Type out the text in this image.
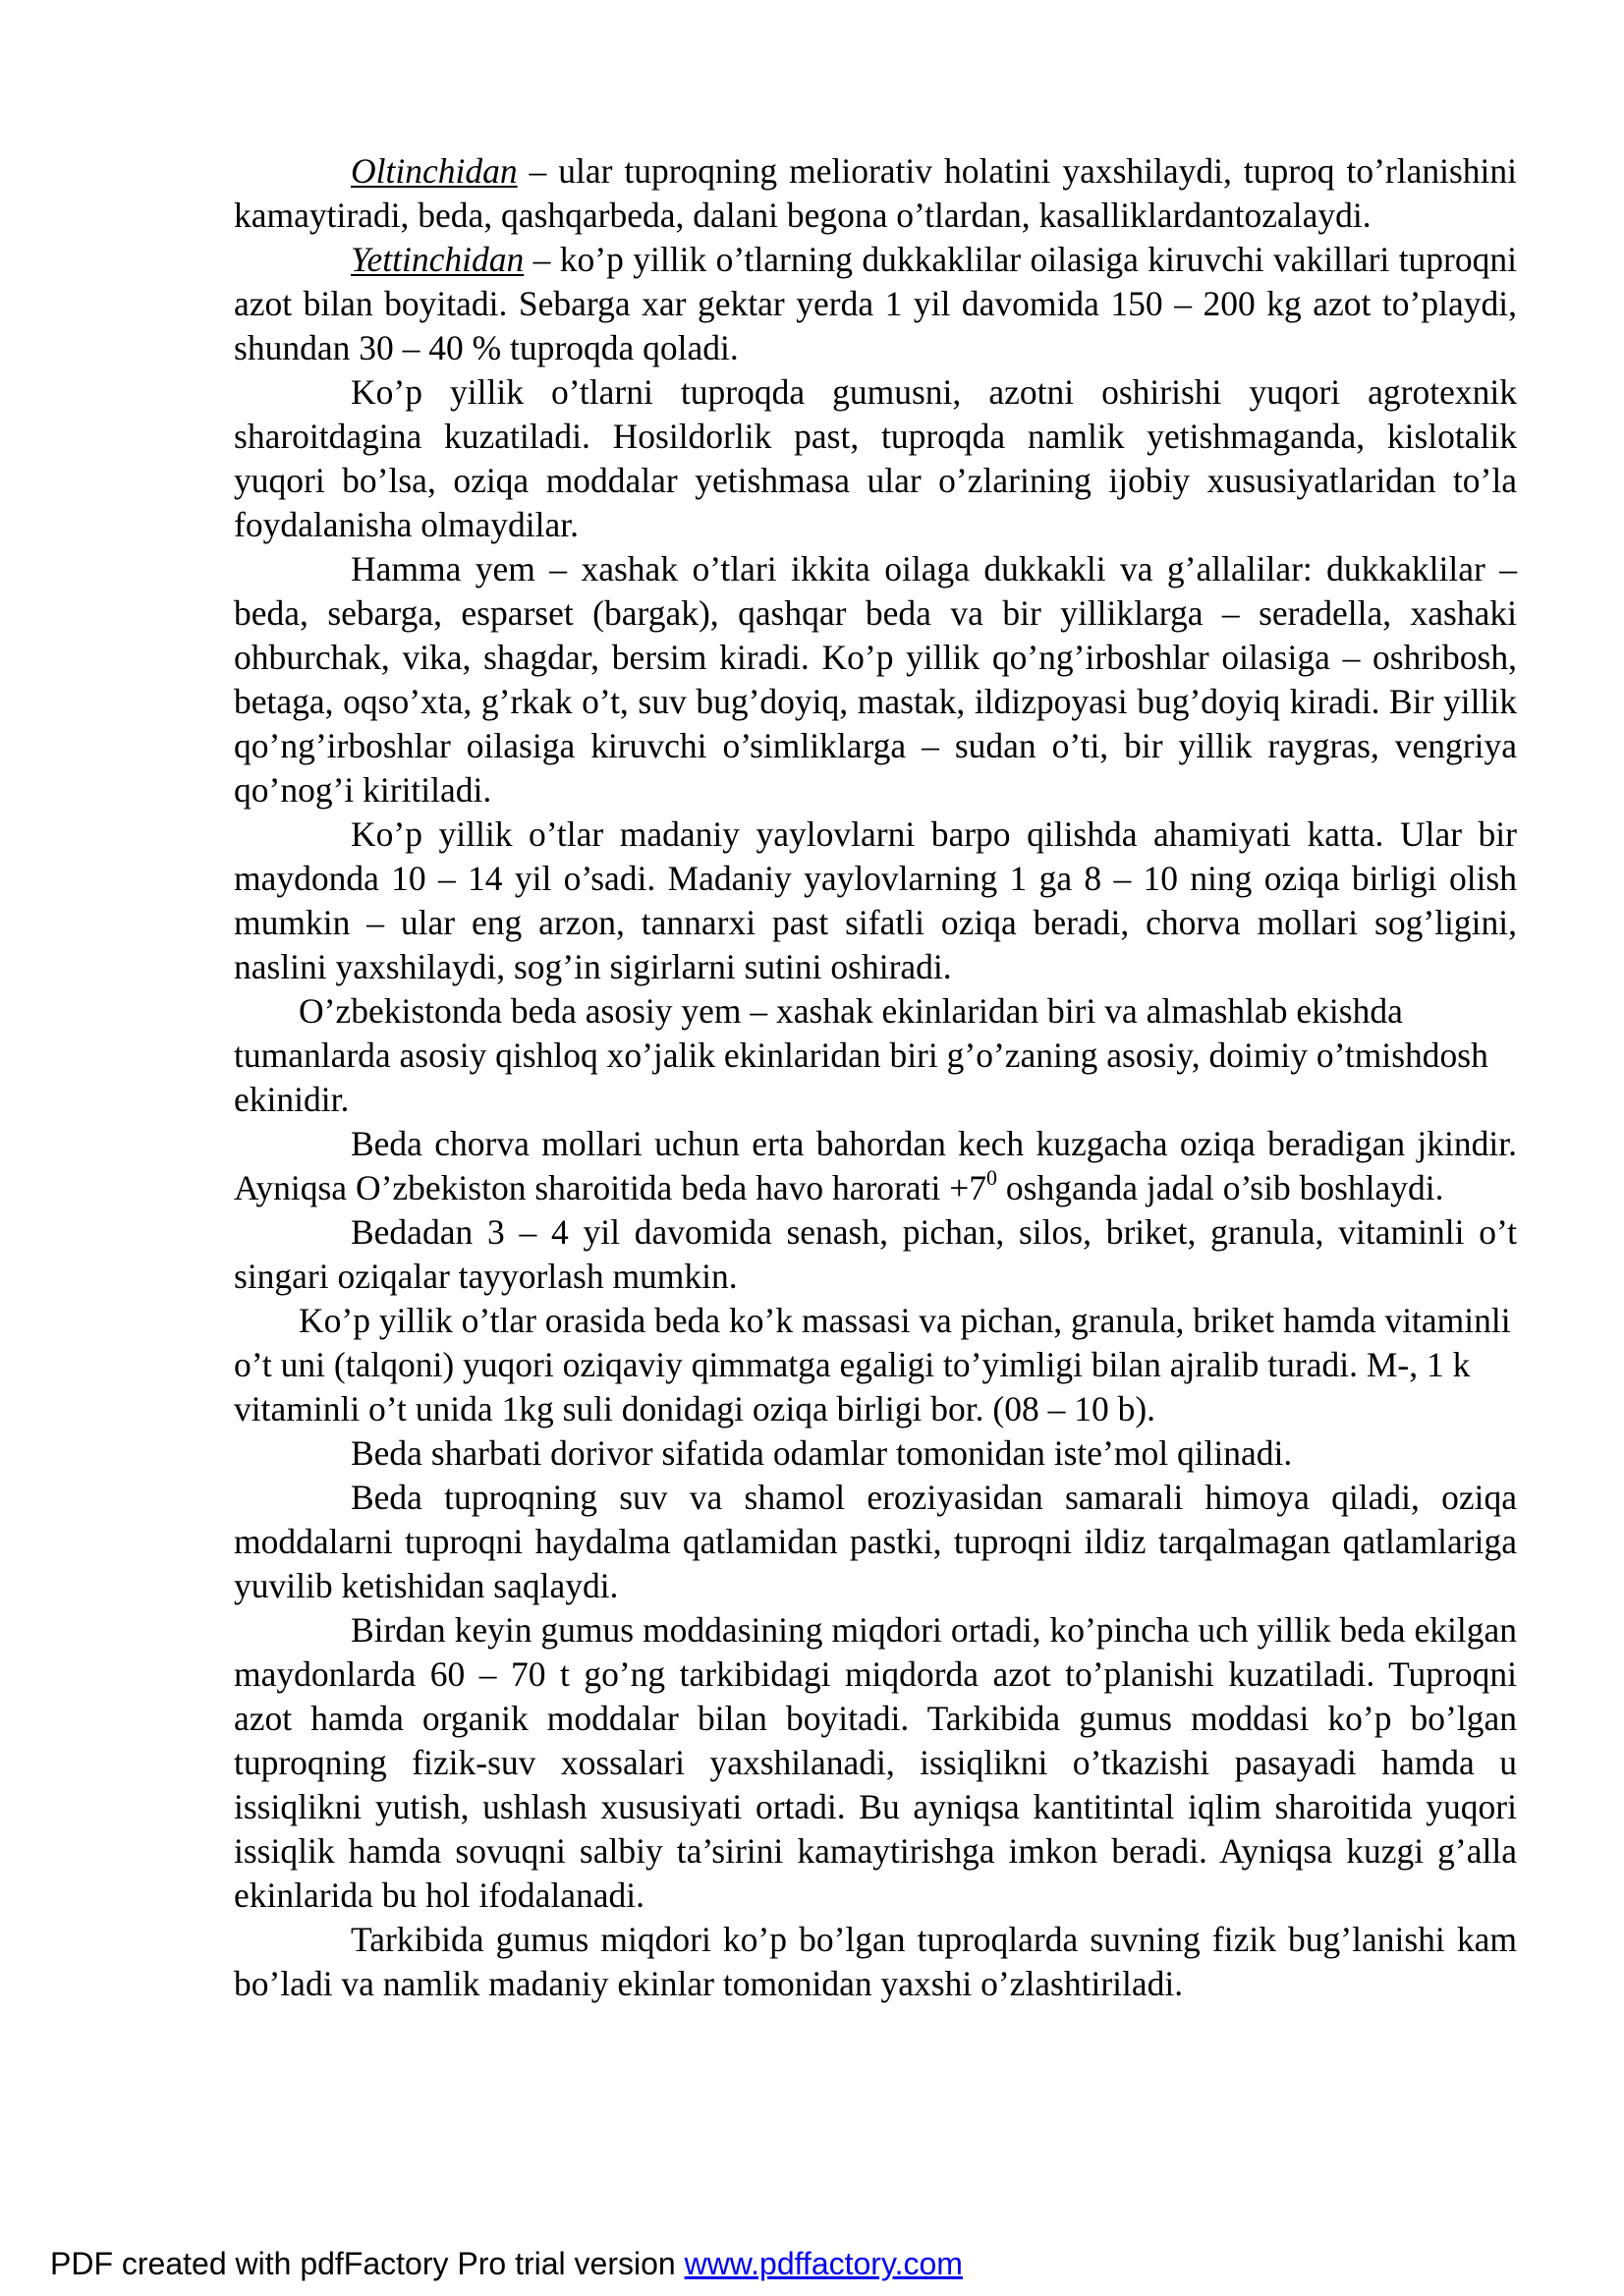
Oltinchidan – ular tuproqning meliorativ holatini yaxshilaydi, tuproq to’rlanishini kamaytiradi, beda, qashqarbeda, dalani begona o’tlardan, kasalliklardantozalaydi.

Yettinchidan – ko’p yillik o’tlarning dukkaklilar oilasiga kiruvchi vakillari tuproqni azot bilan boyitadi. Sebarga xar gektar yerda 1 yil davomida 150 – 200 kg azot to’playdi, shundan 30 – 40 % tuproqda qoladi.

Ko’p yillik o’tlarni tuproqda gumusni, azotni oshirishi yuqori agrotexnik sharoitdagina kuzatiladi. Hosildorlik past, tuproqda namlik yetishmaganda, kislotalik yuqori bo’lsa, oziqa moddalar yetishmasa ular o’zlarining ijobiy xususiyatlaridan to’la foydalanisha olmaydilar.

Hamma yem – xashak o’tlari ikkita oilaga dukkakli va g’allalilar: dukkaklilar – beda, sebarga, esparset (bargak), qashqar beda va bir yilliklarga – seradella, xashaki ohburchak, vika, shagdar, bersim kiradi. Ko’p yillik qo’ng’irboshlar oilasiga – oshribosh, betaga, oqso’xta, g’rkak o’t, suv bug’doyiq, mastak, ildizpoyasi bug’doyiq kiradi. Bir yillik qo’ng’irboshlar oilasiga kiruvchi o’simliklarga – sudan o’ti, bir yillik raygras, vengriya qo’nog’i kiritiladi.

Ko’p yillik o’tlar madaniy yaylovlarni barpo qilishda ahamiyati katta. Ular bir maydonda 10 – 14 yil o’sadi. Madaniy yaylovlarning 1 ga 8 – 10 ning oziqa birligi olish mumkin – ular eng arzon, tannarxi past sifatli oziqa beradi, chorva mollari sog’ligini, naslini yaxshilaydi, sog’in sigirlarni sutini oshiradi.

O’zbekistonda beda asosiy yem – xashak ekinlaridan biri va almashlab ekishda tumanlarda asosiy qishloq xo’jalik ekinlaridan biri g’o’zaning asosiy, doimiy o’tmishdosh ekinidir.

Beda chorva mollari uchun erta bahordan kech kuzgacha oziqa beradigan jkindir. Ayniqsa O’zbekiston sharoitida beda havo harorati $+7^0$ oshganda jadal o’sib boshlaydi.

Bedadan 3 – 4 yil davomida senash, pichan, silos, briket, granula, vitaminli o’t singari oziqalar tayyorlash mumkin.

Ko’p yillik o’tlar orasida beda ko’k massasi va pichan, granula, briket hamda vitaminli o’t uni (talqoni) yuqori oziqaviy qimmatga egaligi to’yimligi bilan ajralib turadi. M-, 1 k vitaminli o’t unida 1kg suli donidagi oziqa birligi bor. (08 – 10 b).

Beda sharbati dorivor sifatida odamlar tomonidan iste’mol qilinadi.

Beda tuproqning suv va shamol eroziyasidan samarali himoya qiladi, oziqa moddalarni tuproqni haydalma qatlamidan pastki, tuproqni ildiz tarqalmagan qatlamlariga yuvilib ketishidan saqlaydi.

Birdan keyin gumus moddasining miqdori ortadi, ko’pincha uch yillik beda ekilgan maydonlarda 60 – 70 t go’ng tarkibidagi miqdorda azot to’planishi kuzatiladi. Tuproqni azot hamda organik moddalar bilan boyitadi. Tarkibida gumus moddasi ko’p bo’lgan tuproqning fizik-suv xossalari yaxshilanadi, issiqlikni o’tkazishi pasayadi hamda u issiqlikni yutish, ushlash xususiyati ortadi. Bu ayniqsa kantitintal iqlim sharoitida yuqori issiqlik hamda sovuqni salbiy ta’sirini kamaytirishga imkon beradi. Ayniqsa kuzgi g’alla ekinlarida bu hol ifodalanadi.

Tarkibida gumus miqdori ko’p bo’lgan tuproqlarda suvning fizik bug’lanishi kam bo’ladi va namlik madaniy ekinlar tomonidan yaxshi o’zlashtiriladi.

PDF created with pdfFactory Pro trial version www.pdffactory.com
